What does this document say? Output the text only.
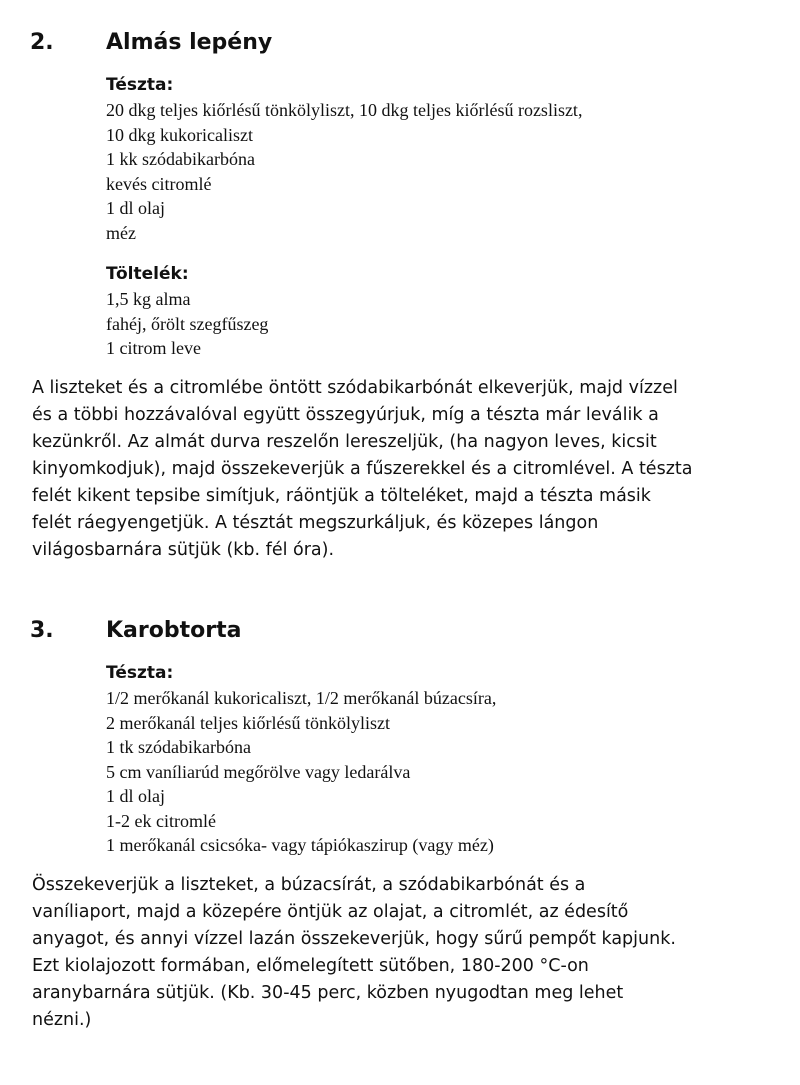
2. Almás lepény
Tészta:
20 dkg teljes kiőrlésű tönkölyliszt, 10 dkg teljes kiőrlésű rozsliszt,
10 dkg kukoricaliszt
1 kk szódabikarbóna
kevés citromlé
1 dl olaj
méz
Töltelék:
1,5 kg alma
fahéj, őrölt szegfűszeg
1 citrom leve
A liszteket és a citromlébe öntött szódabikarbónát elkeverjük, majd vízzel
és a többi hozzávalóval együtt összegyúrjuk, míg a tészta már leválik a
kezünkről. Az almát durva reszelőn lereszeljük, (ha nagyon leves, kicsit
kinyomkodjuk), majd összekeverjük a fűszerekkel és a citromlével. A tészta
felét kikent tepsibe simítjuk, ráöntjük a tölteléket, majd a tészta másik
felét ráegyengetjük. A tésztát megszurkáljuk, és közepes lángon
világosbarnára sütjük (kb. fél óra).
3. Karobtorta
Tészta:
1/2 merőkanál kukoricaliszt, 1/2 merőkanál búzacsíra,
2 merőkanál teljes kiőrlésű tönkölyliszt
1 tk szódabikarbóna
5 cm vaníliarúd megőrölve vagy ledarálva
1 dl olaj
1-2 ek citromlé
1 merőkanál csicsóka- vagy tápiókaszirup (vagy méz)
Összekeverjük a liszteket, a búzacsírát, a szódabikarbónát és a
vaníliaport, majd a közepére öntjük az olajat, a citromlét, az édesítő
anyagot, és annyi vízzel lazán összekeverjük, hogy sűrű pempőt kapjunk.
Ezt kiolajozott formában, előmelegített sütőben, 180-200 °C-on
aranybarnára sütjük. (Kb. 30-45 perc, közben nyugodtan meg lehet
nézni.)
